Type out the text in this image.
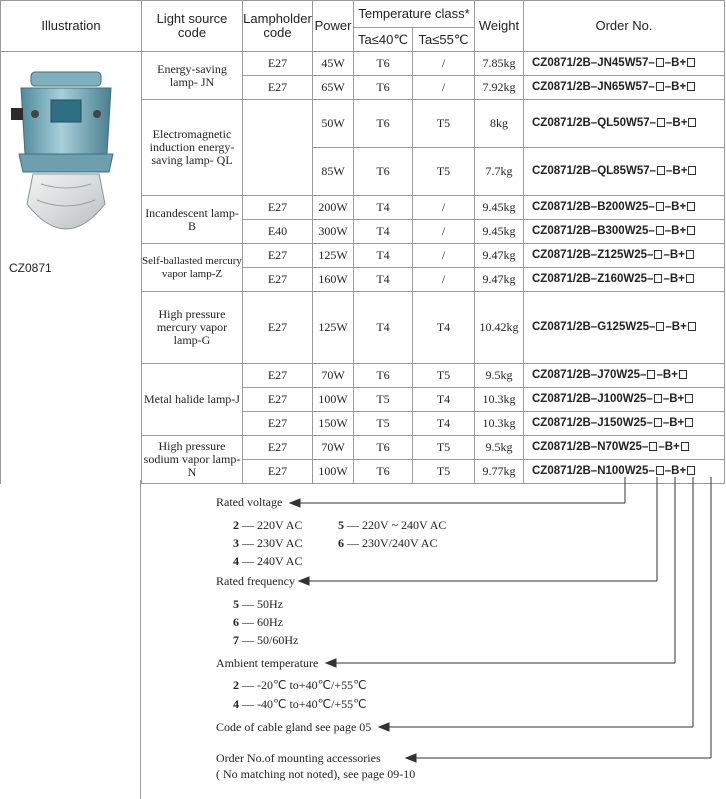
Illustration	Light source code	Lampholder code	Power	Temperature class*		Weight	Order No.
				Ta≤40℃	Ta≤55℃		

CZ0871	Energy-saving lamp- JN	E27	45W	T6	/	7.85kg	CZ0871/2B–JN45W57– –B+
		E27	65W	T6	/	7.92kg	CZ0871/2B–JN65W57– –B+
	Electromagnetic induction energy-saving lamp- QL		50W	T6	T5	8kg	CZ0871/2B–QL50W57– –B+
			85W	T6	T5	7.7kg	CZ0871/2B–QL85W57– –B+
	Incandescent lamp-B	E27	200W	T4	/	9.45kg	CZ0871/2B–B200W25– –B+
		E40	300W	T4	/	9.45kg	CZ0871/2B–B300W25– –B+
	Self-ballasted mercury vapor lamp-Z	E27	125W	T4	/	9.47kg	CZ0871/2B–Z125W25– –B+
		E27	160W	T4	/	9.47kg	CZ0871/2B–Z160W25– –B+
	High pressure mercury vapor lamp-G	E27	125W	T4	T4	10.42kg	CZ0871/2B–G125W25– –B+
	Metal halide lamp-J	E27	70W	T6	T5	9.5kg	CZ0871/2B–J70W25– –B+
		E27	100W	T5	T4	10.3kg	CZ0871/2B–J100W25– –B+
		E27	150W	T5	T4	10.3kg	CZ0871/2B–J150W25– –B+
	High pressure sodium vapor lamp-N	E27	70W	T6	T5	9.5kg	CZ0871/2B–N70W25– –B+
		E27	100W	T6	T5	9.77kg	CZ0871/2B–N100W25– –B+
Rated voltage
2 — 220V AC	5 — 220V ~ 240V AC
3 — 230V AC	6 — 230V/240V AC
4 — 240V AC
Rated frequency
5 — 50Hz
6 — 60Hz
7 — 50/60Hz
Ambient temperature
2 — -20℃ to+40℃/+55℃
4 — -40℃ to+40℃/+55℃
Code of cable gland see page 05
Order No.of mounting accessories
( No matching not noted), see page 09-10
